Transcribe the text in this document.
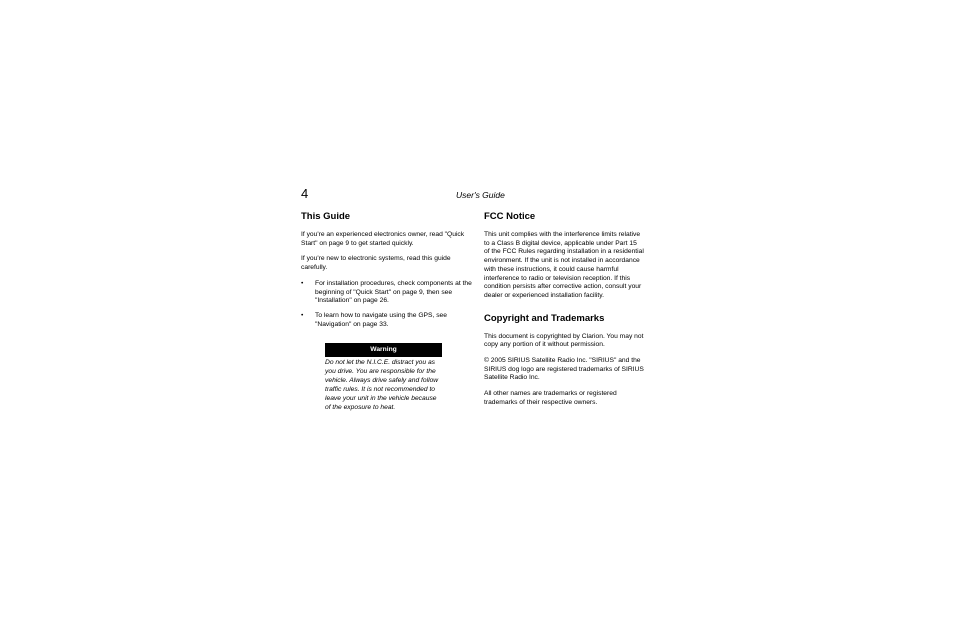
4	User's Guide
This Guide

If you're an experienced electronics owner, read "Quick Start" on page 9 to get started quickly.

If you're new to electronic systems, read this guide carefully.

• For installation procedures, check components at the beginning of "Quick Start" on page 9, then see "Installation" on page 26.
• To learn how to navigate using the GPS, see "Navigation" on page 33.
Warning

Do not let the N.I.C.E. distract you as you drive. You are responsible for the vehicle. Always drive safely and follow traffic rules. It is not recommended to leave your unit in the vehicle because of the exposure to heat.

FCC Notice

This unit complies with the interference limits relative to a Class B digital device, applicable under Part 15 of the FCC Rules regarding installation in a residential environment. If the unit is not installed in accordance with these instructions, it could cause harmful interference to radio or television reception. If this condition persists after corrective action, consult your dealer or experienced installation facility.

Copyright and Trademarks

This document is copyrighted by Clarion. You may not copy any portion of it without permission.

© 2005 SIRIUS Satellite Radio Inc. "SIRIUS" and the SIRIUS dog logo are registered trademarks of SIRIUS Satellite Radio Inc.

All other names are trademarks or registered trademarks of their respective owners.
